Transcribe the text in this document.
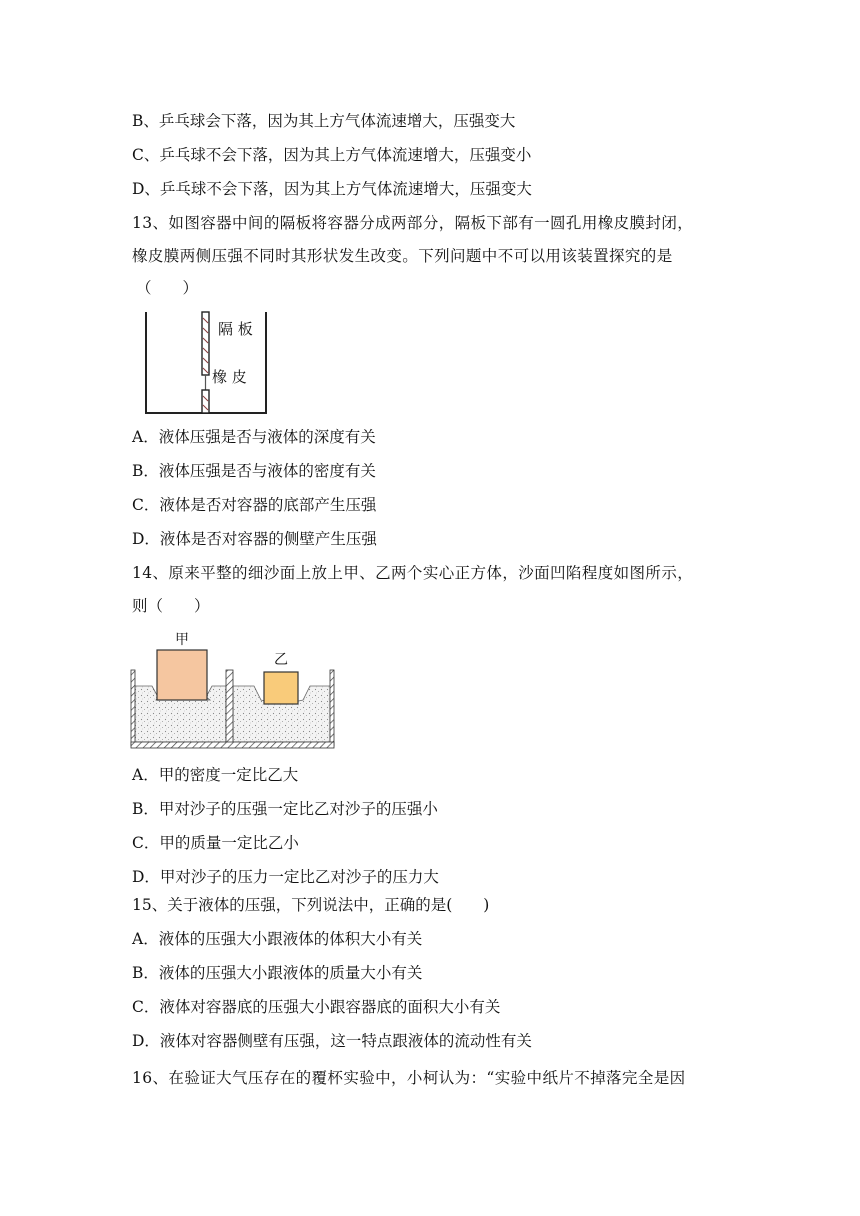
B、乒乓球会下落，因为其上方气体流速增大，压强变大
C、乒乓球不会下落，因为其上方气体流速增大，压强变小
D、乒乓球不会下落，因为其上方气体流速增大，压强变大
13、如图容器中间的隔板将容器分成两部分，隔板下部有一圆孔用橡皮膜封闭，
橡皮膜两侧压强不同时其形状发生改变。下列问题中不可以用该装置探究的是
（　　）
隔 板
橡 皮
A．液体压强是否与液体的深度有关
B．液体压强是否与液体的密度有关
C．液体是否对容器的底部产生压强
D．液体是否对容器的侧壁产生压强
14、原来平整的细沙面上放上甲、乙两个实心正方体，沙面凹陷程度如图所示，
则（　　）
甲
乙
A．甲的密度一定比乙大
B．甲对沙子的压强一定比乙对沙子的压强小
C．甲的质量一定比乙小
D．甲对沙子的压力一定比乙对沙子的压力大
15、关于液体的压强，下列说法中，正确的是(　　)
A．液体的压强大小跟液体的体积大小有关
B．液体的压强大小跟液体的质量大小有关
C．液体对容器底的压强大小跟容器底的面积大小有关
D．液体对容器侧壁有压强，这一特点跟液体的流动性有关
16、在验证大气压存在的覆杯实验中，小柯认为：“实验中纸片不掉落完全是因
